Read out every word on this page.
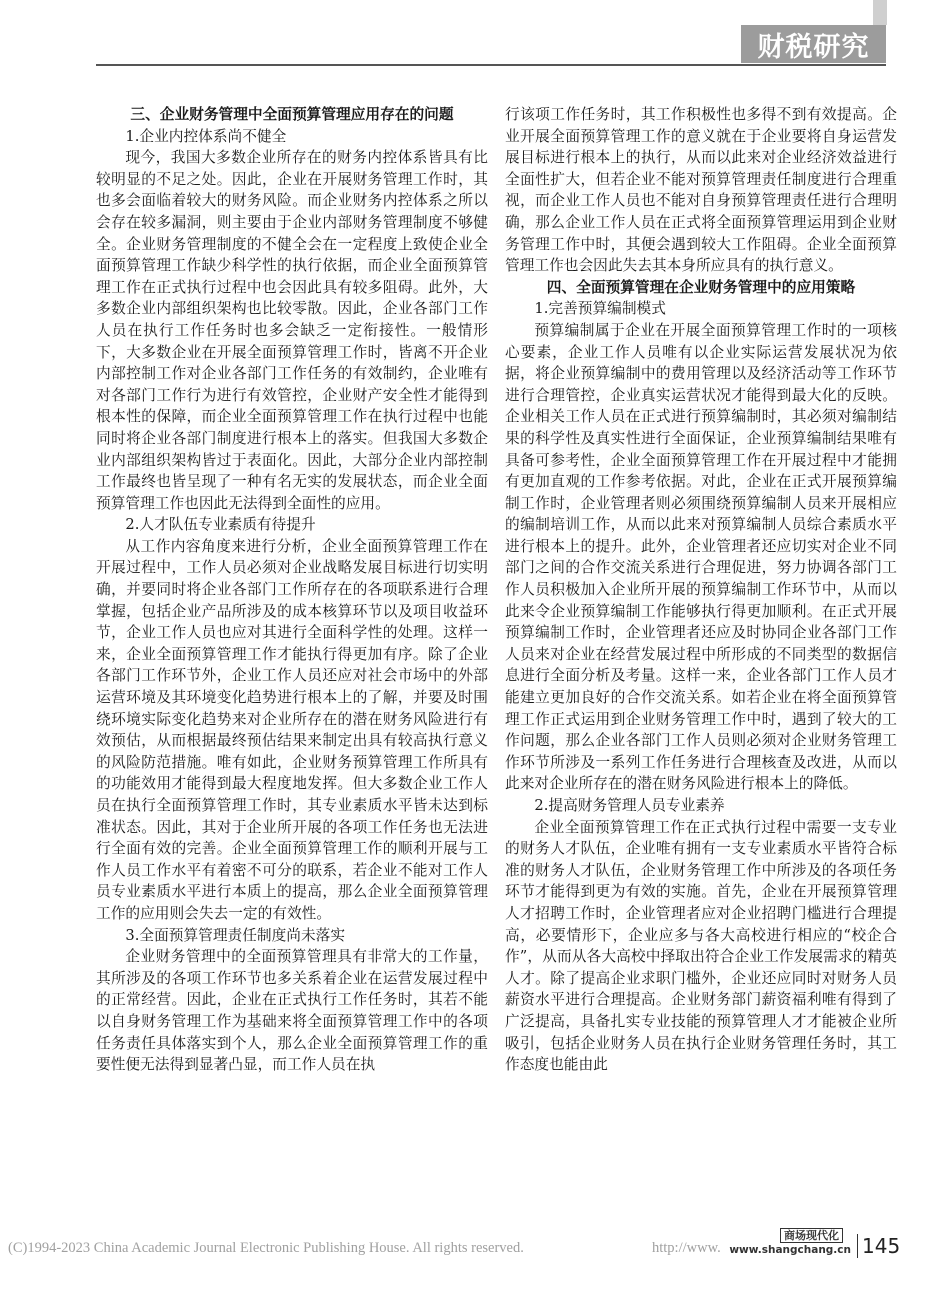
财税研究
三、企业财务管理中全面预算管理应用存在的问题
1.企业内控体系尚不健全

现今，我国大多数企业所存在的财务内控体系皆具有比较明显的不足之处。因此，企业在开展财务管理工作时，其也多会面临着较大的财务风险。而企业财务内控体系之所以会存在较多漏洞，则主要由于企业内部财务管理制度不够健全。企业财务管理制度的不健全会在一定程度上致使企业全面预算管理工作缺少科学性的执行依据，而企业全面预算管理工作在正式执行过程中也会因此具有较多阻碍。此外，大多数企业内部组织架构也比较零散。因此，企业各部门工作人员在执行工作任务时也多会缺乏一定衔接性。一般情形下，大多数企业在开展全面预算管理工作时，皆离不开企业内部控制工作对企业各部门工作任务的有效制约，企业唯有对各部门工作行为进行有效管控，企业财产安全性才能得到根本性的保障，而企业全面预算管理工作在执行过程中也能同时将企业各部门制度进行根本上的落实。但我国大多数企业内部组织架构皆过于表面化。因此，大部分企业内部控制工作最终也皆呈现了一种有名无实的发展状态，而企业全面预算管理工作也因此无法得到全面性的应用。

2.人才队伍专业素质有待提升

从工作内容角度来进行分析，企业全面预算管理工作在开展过程中，工作人员必须对企业战略发展目标进行切实明确，并要同时将企业各部门工作所存在的各项联系进行合理掌握，包括企业产品所涉及的成本核算环节以及项目收益环节，企业工作人员也应对其进行全面科学性的处理。这样一来，企业全面预算管理工作才能执行得更加有序。除了企业各部门工作环节外，企业工作人员还应对社会市场中的外部运营环境及其环境变化趋势进行根本上的了解，并要及时围绕环境实际变化趋势来对企业所存在的潜在财务风险进行有效预估，从而根据最终预估结果来制定出具有较高执行意义的风险防范措施。唯有如此，企业财务预算管理工作所具有的功能效用才能得到最大程度地发挥。但大多数企业工作人员在执行全面预算管理工作时，其专业素质水平皆未达到标准状态。因此，其对于企业所开展的各项工作任务也无法进行全面有效的完善。企业全面预算管理工作的顺利开展与工作人员工作水平有着密不可分的联系，若企业不能对工作人员专业素质水平进行本质上的提高，那么企业全面预算管理工作的应用则会失去一定的有效性。

3.全面预算管理责任制度尚未落实

企业财务管理中的全面预算管理具有非常大的工作量，其所涉及的各项工作环节也多关系着企业在运营发展过程中的正常经营。因此，企业在正式执行工作任务时，其若不能以自身财务管理工作为基础来将全面预算管理工作中的各项任务责任具体落实到个人，那么企业全面预算管理工作的重要性便无法得到显著凸显，而工作人员在执

行该项工作任务时，其工作积极性也多得不到有效提高。企业开展全面预算管理工作的意义就在于企业要将自身运营发展目标进行根本上的执行，从而以此来对企业经济效益进行全面性扩大，但若企业不能对预算管理责任制度进行合理重视，而企业工作人员也不能对自身预算管理责任进行合理明确，那么企业工作人员在正式将全面预算管理运用到企业财务管理工作中时，其便会遇到较大工作阻碍。企业全面预算管理工作也会因此失去其本身所应具有的执行意义。

四、全面预算管理在企业财务管理中的应用策略
1.完善预算编制模式

预算编制属于企业在开展全面预算管理工作时的一项核心要素，企业工作人员唯有以企业实际运营发展状况为依据，将企业预算编制中的费用管理以及经济活动等工作环节进行合理管控，企业真实运营状况才能得到最大化的反映。企业相关工作人员在正式进行预算编制时，其必须对编制结果的科学性及真实性进行全面保证，企业预算编制结果唯有具备可参考性，企业全面预算管理工作在开展过程中才能拥有更加直观的工作参考依据。对此，企业在正式开展预算编制工作时，企业管理者则必须围绕预算编制人员来开展相应的编制培训工作，从而以此来对预算编制人员综合素质水平进行根本上的提升。此外，企业管理者还应切实对企业不同部门之间的合作交流关系进行合理促进，努力协调各部门工作人员积极加入企业所开展的预算编制工作环节中，从而以此来令企业预算编制工作能够执行得更加顺利。在正式开展预算编制工作时，企业管理者还应及时协同企业各部门工作人员来对企业在经营发展过程中所形成的不同类型的数据信息进行全面分析及考量。这样一来，企业各部门工作人员才能建立更加良好的合作交流关系。如若企业在将全面预算管理工作正式运用到企业财务管理工作中时，遇到了较大的工作问题，那么企业各部门工作人员则必须对企业财务管理工作环节所涉及一系列工作任务进行合理核查及改进，从而以此来对企业所存在的潜在财务风险进行根本上的降低。

2.提高财务管理人员专业素养

企业全面预算管理工作在正式执行过程中需要一支专业的财务人才队伍，企业唯有拥有一支专业素质水平皆符合标准的财务人才队伍，企业财务管理工作中所涉及的各项任务环节才能得到更为有效的实施。首先，企业在开展预算管理人才招聘工作时，企业管理者应对企业招聘门槛进行合理提高，必要情形下，企业应多与各大高校进行相应的“校企合作”，从而从各大高校中择取出符合企业工作发展需求的精英人才。除了提高企业求职门槛外，企业还应同时对财务人员薪资水平进行合理提高。企业财务部门薪资福利唯有得到了广泛提高，具备扎实专业技能的预算管理人才才能被企业所吸引，包括企业财务人员在执行企业财务管理任务时，其工作态度也能由此

(C)1994-2023 China Academic Journal Electronic Publishing House. All rights reserved.	http://www.
商场现代化
www.shangchang.cn 145
